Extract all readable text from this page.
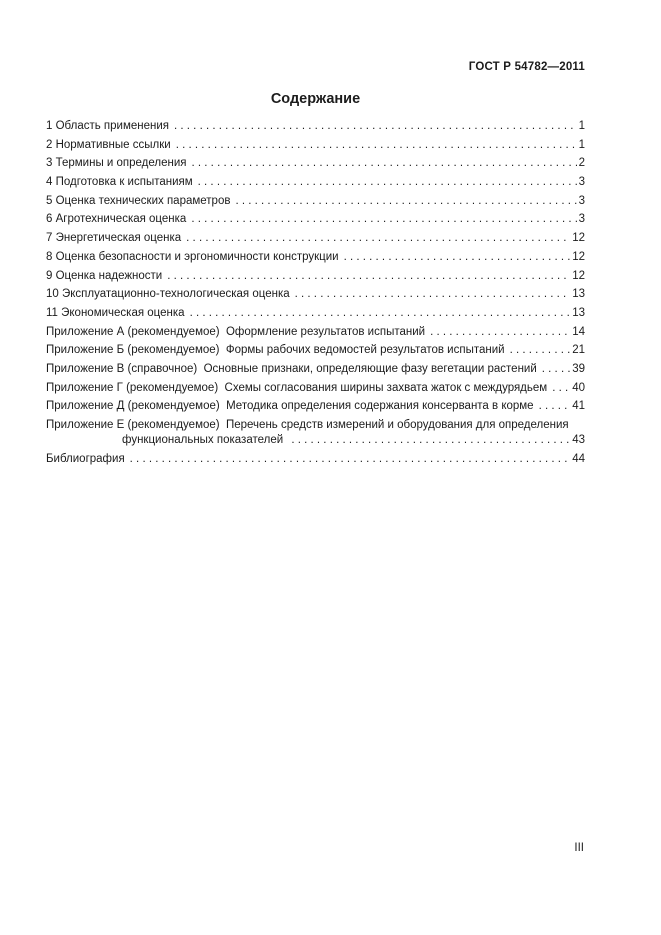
ГОСТ Р 54782—2011
Содержание
1 Область применения . . .	1
2 Нормативные ссылки . . .	1
3 Термины и определения . . .	2
4 Подготовка к испытаниям . . .	3
5 Оценка технических параметров . . .	3
6 Агротехническая оценка . . .	3
7 Энергетическая оценка . . .	12
8 Оценка безопасности и эргономичности конструкции . . .	12
9 Оценка надежности . . .	12
10 Эксплуатационно-технологическая оценка . . .	13
11 Экономическая оценка . . .	13
Приложение А (рекомендуемое)  Оформление результатов испытаний . . .	14
Приложение Б (рекомендуемое)  Формы рабочих ведомостей результатов испытаний . . .	21
Приложение В (справочное)  Основные признаки, определяющие фазу вегетации растений . . .	39
Приложение Г (рекомендуемое)  Схемы согласования ширины захвата жаток с междурядьем . . . 40
Приложение Д (рекомендуемое)  Методика определения содержания консерванта в корме . . .	41
Приложение Е (рекомендуемое)  Перечень средств измерений и оборудования для определения
функциональных показателей . . .	43
Библиография . . .	44
III
